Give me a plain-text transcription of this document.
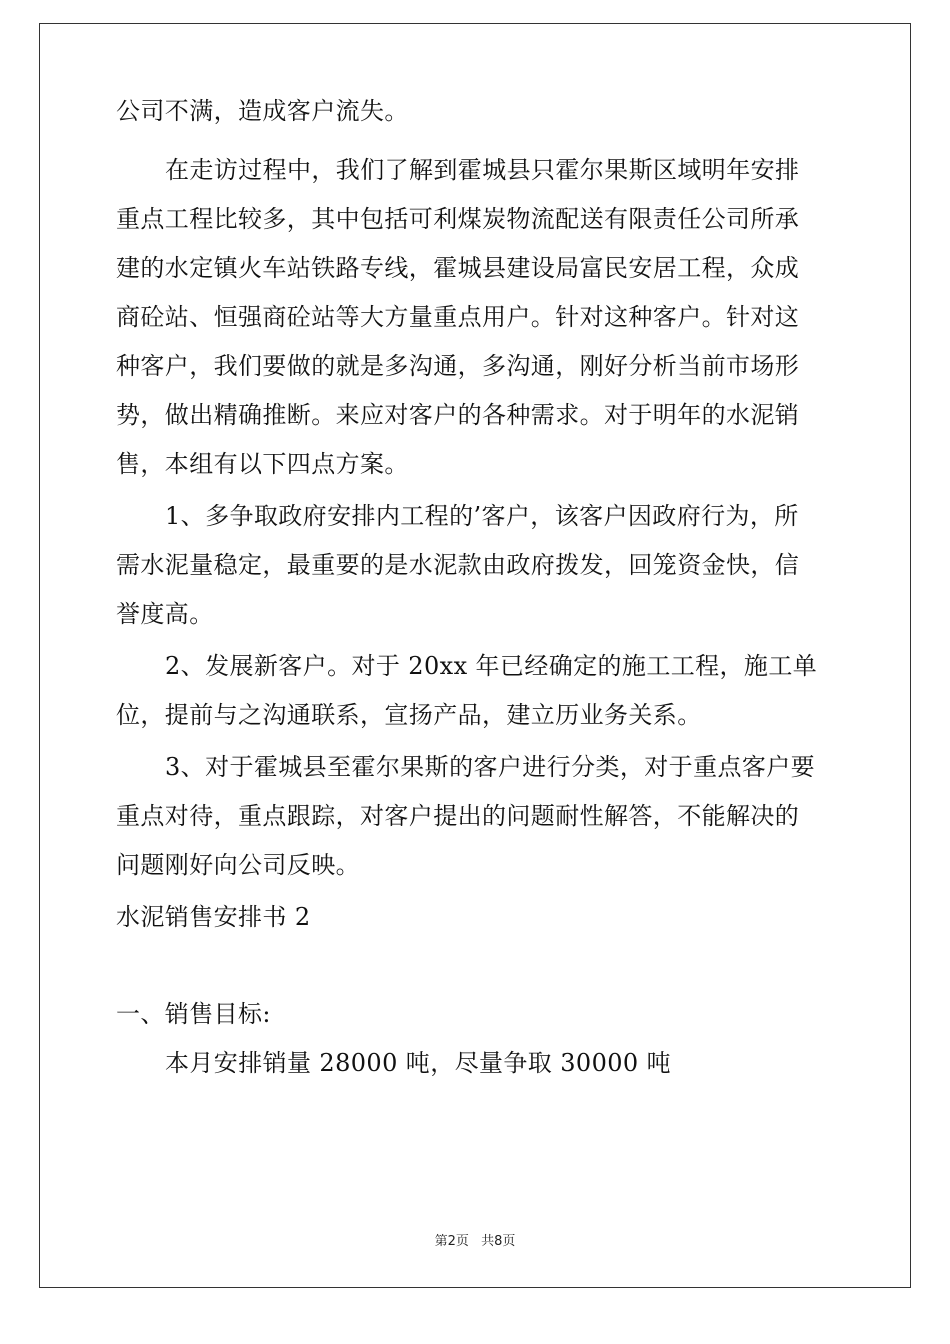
公司不满，造成客户流失。
在走访过程中，我们了解到霍城县只霍尔果斯区域明年安排
重点工程比较多，其中包括可利煤炭物流配送有限责任公司所承
建的水定镇火车站铁路专线，霍城县建设局富民安居工程，众成
商砼站、恒强商砼站等大方量重点用户。针对这种客户。针对这
种客户，我们要做的就是多沟通，多沟通，刚好分析当前市场形
势，做出精确推断。来应对客户的各种需求。对于明年的水泥销
售，本组有以下四点方案。
1、多争取政府安排内工程的’客户，该客户因政府行为，所
需水泥量稳定，最重要的是水泥款由政府拨发，回笼资金快，信
誉度高。
2、发展新客户。对于 20xx 年已经确定的施工工程，施工单
位，提前与之沟通联系，宣扬产品，建立历业务关系。
3、对于霍城县至霍尔果斯的客户进行分类，对于重点客户要
重点对待，重点跟踪，对客户提出的问题耐性解答，不能解决的
问题刚好向公司反映。
水泥销售安排书 2
一、销售目标:
本月安排销量 28000 吨，尽量争取 30000 吨
第2页 共8页
